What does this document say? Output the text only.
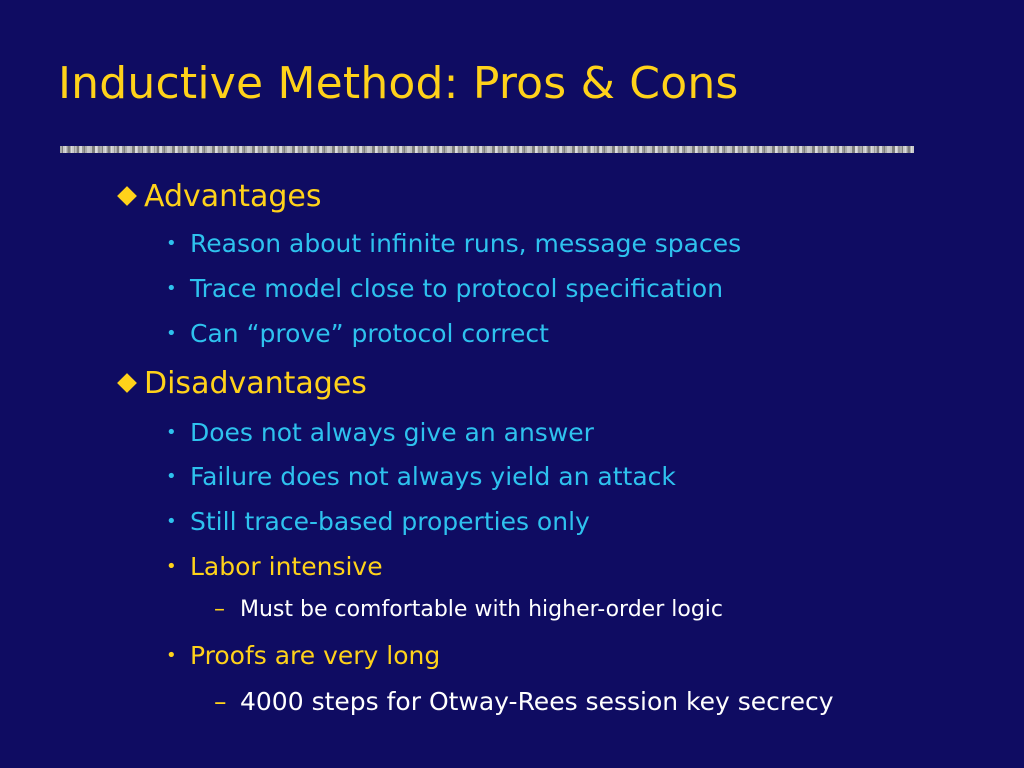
Inductive Method: Pros & Cons
Advantages
• Reason about infinite runs, message spaces
• Trace model close to protocol specification
• Can “prove” protocol correct
Disadvantages
• Does not always give an answer
• Failure does not always yield an attack
• Still trace-based properties only
• Labor intensive
– Must be comfortable with higher-order logic
• Proofs are very long
– 4000 steps for Otway-Rees session key secrecy
